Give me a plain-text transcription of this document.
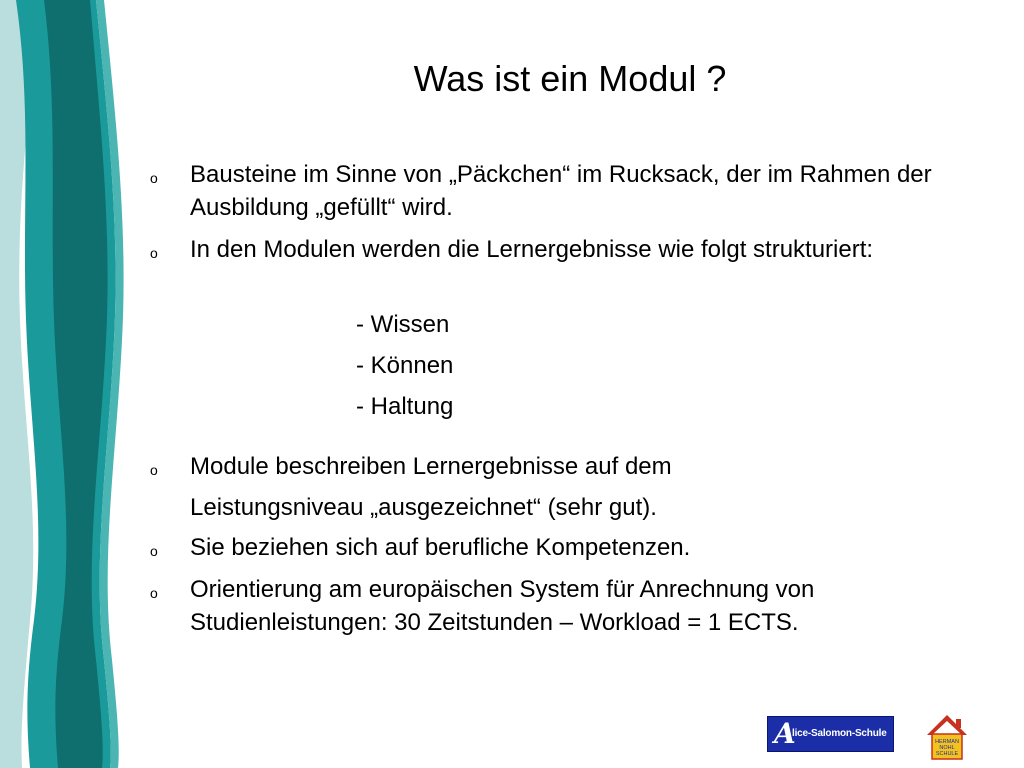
Was ist ein Modul ?
o Bausteine im Sinne von „Päckchen“ im Rucksack, der im Rahmen der Ausbildung „gefüllt“ wird.
o In den Modulen werden die Lernergebnisse wie folgt strukturiert:
- Wissen
- Können
- Haltung
o Module beschreiben Lernergebnisse auf dem
Leistungsniveau „ausgezeichnet“ (sehr gut).
o Sie beziehen sich auf berufliche Kompetenzen.
o Orientierung am europäischen System für Anrechnung von Studienleistungen: 30 Zeitstunden – Workload = 1 ECTS.
A
lice-Salomon-Schule
HERMAN
NOHL
SCHULE
